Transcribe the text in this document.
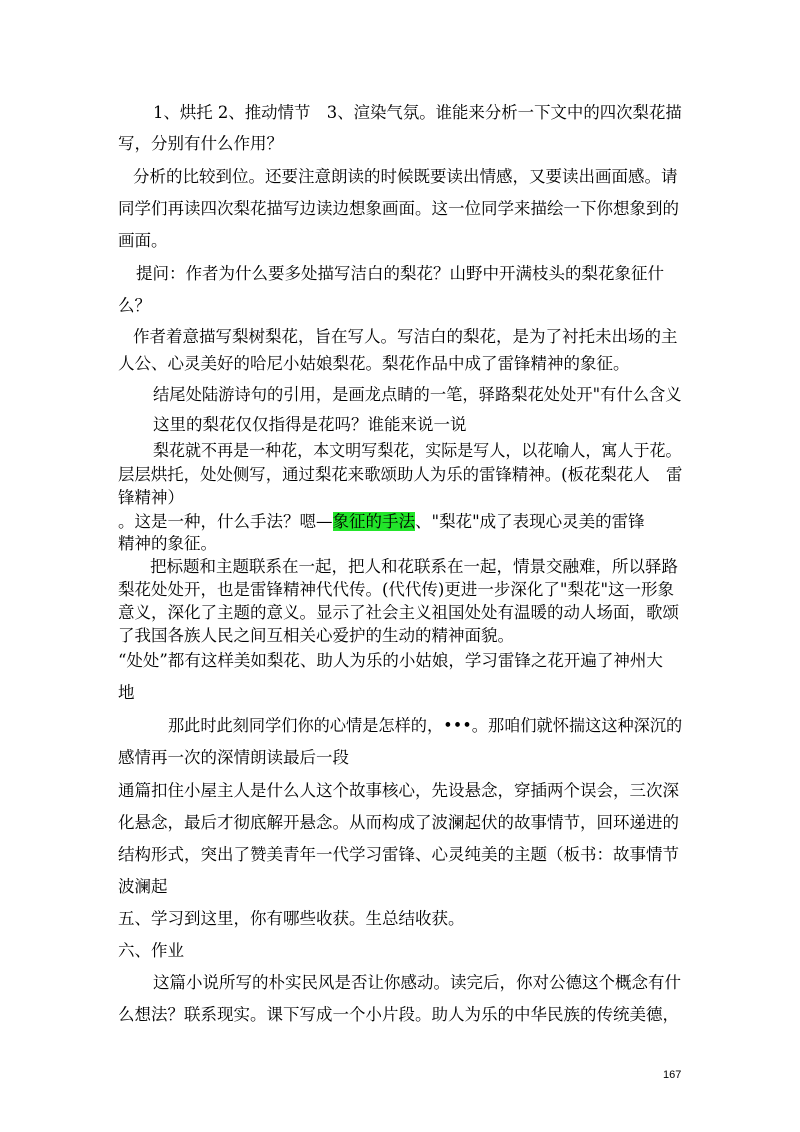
1、烘托 2、推动情节　3、渲染气氛。谁能来分析一下文中的四次梨花描
写，分别有什么作用？
分析的比较到位。还要注意朗读的时候既要读出情感，又要读出画面感。请
同学们再读四次梨花描写边读边想象画面。这一位同学来描绘一下你想象到的
画面。
提问：作者为什么要多处描写洁白的梨花？山野中开满枝头的梨花象征什
么？
作者着意描写梨树梨花，旨在写人。写洁白的梨花，是为了衬托未出场的主
人公、心灵美好的哈尼小姑娘梨花。梨花作品中成了雷锋精神的象征。
结尾处陆游诗句的引用，是画龙点睛的一笔，驿路梨花处处开"有什么含义
这里的梨花仅仅指得是花吗？谁能来说一说
梨花就不再是一种花，本文明写梨花，实际是写人，以花喻人，寓人于花。
层层烘托，处处侧写，通过梨花来歌颂助人为乐的雷锋精神。(板花梨花人　雷
锋精神）
。这是一种，什么手法？嗯—象征的手法、"梨花"成了表现心灵美的雷锋
精神的象征。
把标题和主题联系在一起，把人和花联系在一起，情景交融难，所以驿路
梨花处处开，也是雷锋精神代代传。(代代传)更进一步深化了"梨花"这一形象
意义，深化了主题的意义。显示了社会主义祖国处处有温暖的动人场面，歌颂
了我国各族人民之间互相关心爱护的生动的精神面貌。
“处处”都有这样美如梨花、助人为乐的小姑娘，学习雷锋之花开遍了神州大
地
那此时此刻同学们你的心情是怎样的，•••。那咱们就怀揣这这种深沉的
感情再一次的深情朗读最后一段
通篇扣住小屋主人是什么人这个故事核心，先设悬念，穿插两个误会，三次深
化悬念，最后才彻底解开悬念。从而构成了波澜起伏的故事情节，回环递进的
结构形式，突出了赞美青年一代学习雷锋、心灵纯美的主题（板书：故事情节
波澜起
五、学习到这里，你有哪些收获。生总结收获。
六、作业
这篇小说所写的朴实民风是否让你感动。读完后，你对公德这个概念有什
么想法？联系现实。课下写成一个小片段。助人为乐的中华民族的传统美德，
167
